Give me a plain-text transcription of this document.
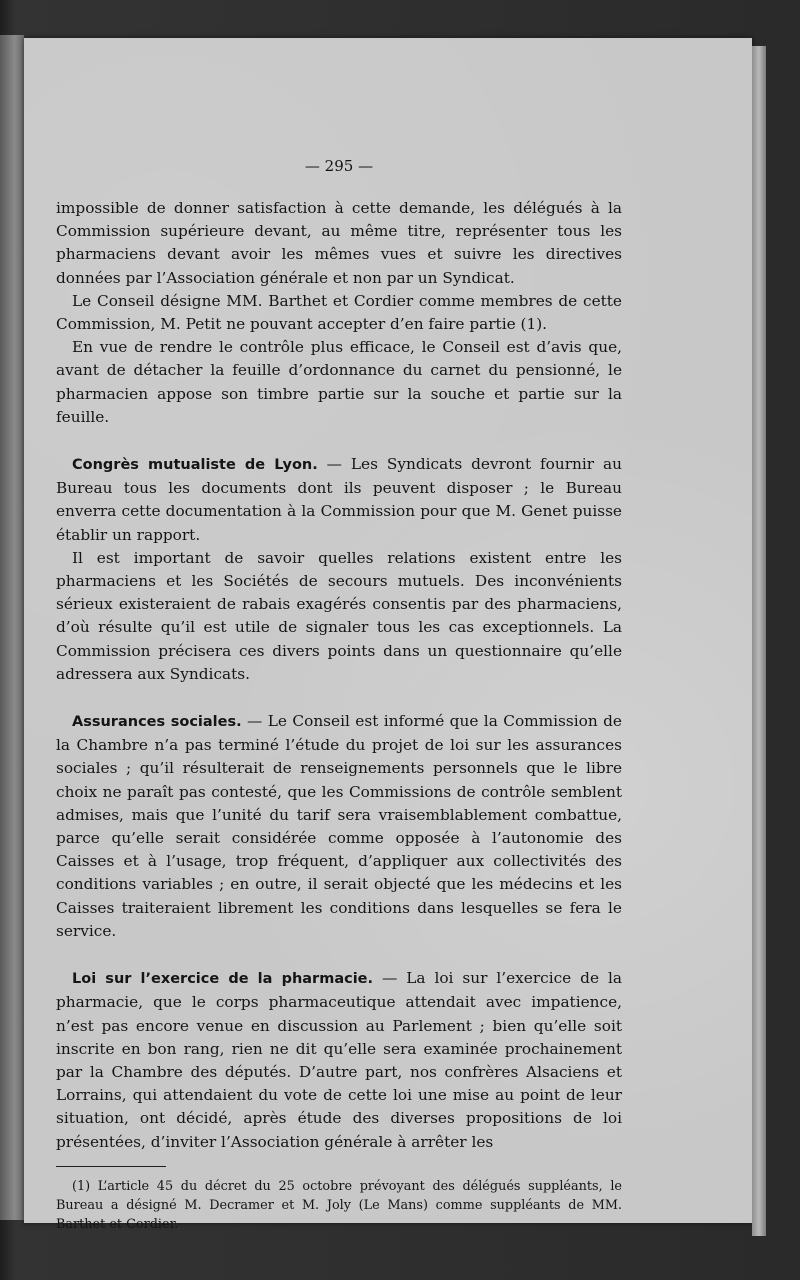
— 295 —

impossible de donner satisfaction à cette demande, les délégués à la Commission supérieure devant, au même titre, représenter tous les pharmaciens devant avoir les mêmes vues et suivre les directives données par l’Association générale et non par un Syndicat.

Le Conseil désigne MM. Barthet et Cordier comme membres de cette Commission, M. Petit ne pouvant accepter d’en faire partie (1).

En vue de rendre le contrôle plus efficace, le Conseil est d’avis que, avant de détacher la feuille d’ordonnance du carnet du pensionné, le pharmacien appose son timbre partie sur la souche et partie sur la feuille.

Congrès mutualiste de Lyon. — Les Syndicats devront fournir au Bureau tous les documents dont ils peuvent disposer ; le Bureau enverra cette documentation à la Commission pour que M. Genet puisse établir un rapport.

Il est important de savoir quelles relations existent entre les pharmaciens et les Sociétés de secours mutuels. Des inconvénients sérieux existeraient de rabais exagérés consentis par des pharmaciens, d’où résulte qu’il est utile de signaler tous les cas exceptionnels. La Commission précisera ces divers points dans un questionnaire qu’elle adressera aux Syndicats.

Assurances sociales. — Le Conseil est informé que la Commission de la Chambre n’a pas terminé l’étude du projet de loi sur les assurances sociales ; qu’il résulterait de renseignements personnels que le libre choix ne paraît pas contesté, que les Commissions de contrôle semblent admises, mais que l’unité du tarif sera vraisemblablement combattue, parce qu’elle serait considérée comme opposée à l’autonomie des Caisses et à l’usage, trop fréquent, d’appliquer aux collectivités des conditions variables ; en outre, il serait objecté que les médecins et les Caisses traiteraient librement les conditions dans lesquelles se fera le service.

Loi sur l’exercice de la pharmacie. — La loi sur l’exercice de la pharmacie, que le corps pharmaceutique attendait avec impatience, n’est pas encore venue en discussion au Parlement ; bien qu’elle soit inscrite en bon rang, rien ne dit qu’elle sera examinée prochainement par la Chambre des députés. D’autre part, nos confrères Alsaciens et Lorrains, qui attendaient du vote de cette loi une mise au point de leur situation, ont décidé, après étude des diverses propositions de loi présentées, d’inviter l’Association générale à arrêter les

(1) L’article 45 du décret du 25 octobre prévoyant des délégués suppléants, le Bureau a désigné M. Decramer et M. Joly (Le Mans) comme suppléants de MM. Barthet et Cordier.
